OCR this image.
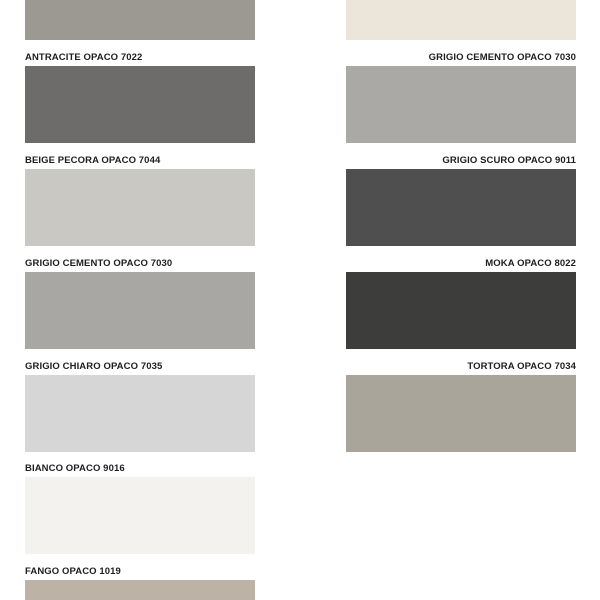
ANTRACITE OPACO 7022
BEIGE PECORA OPACO 7044
GRIGIO CEMENTO OPACO 7030
GRIGIO CHIARO OPACO 7035
BIANCO OPACO 9016
FANGO OPACO 1019
GRIGIO CEMENTO OPACO 7030
GRIGIO SCURO OPACO 9011
MOKA OPACO 8022
TORTORA OPACO 7034
